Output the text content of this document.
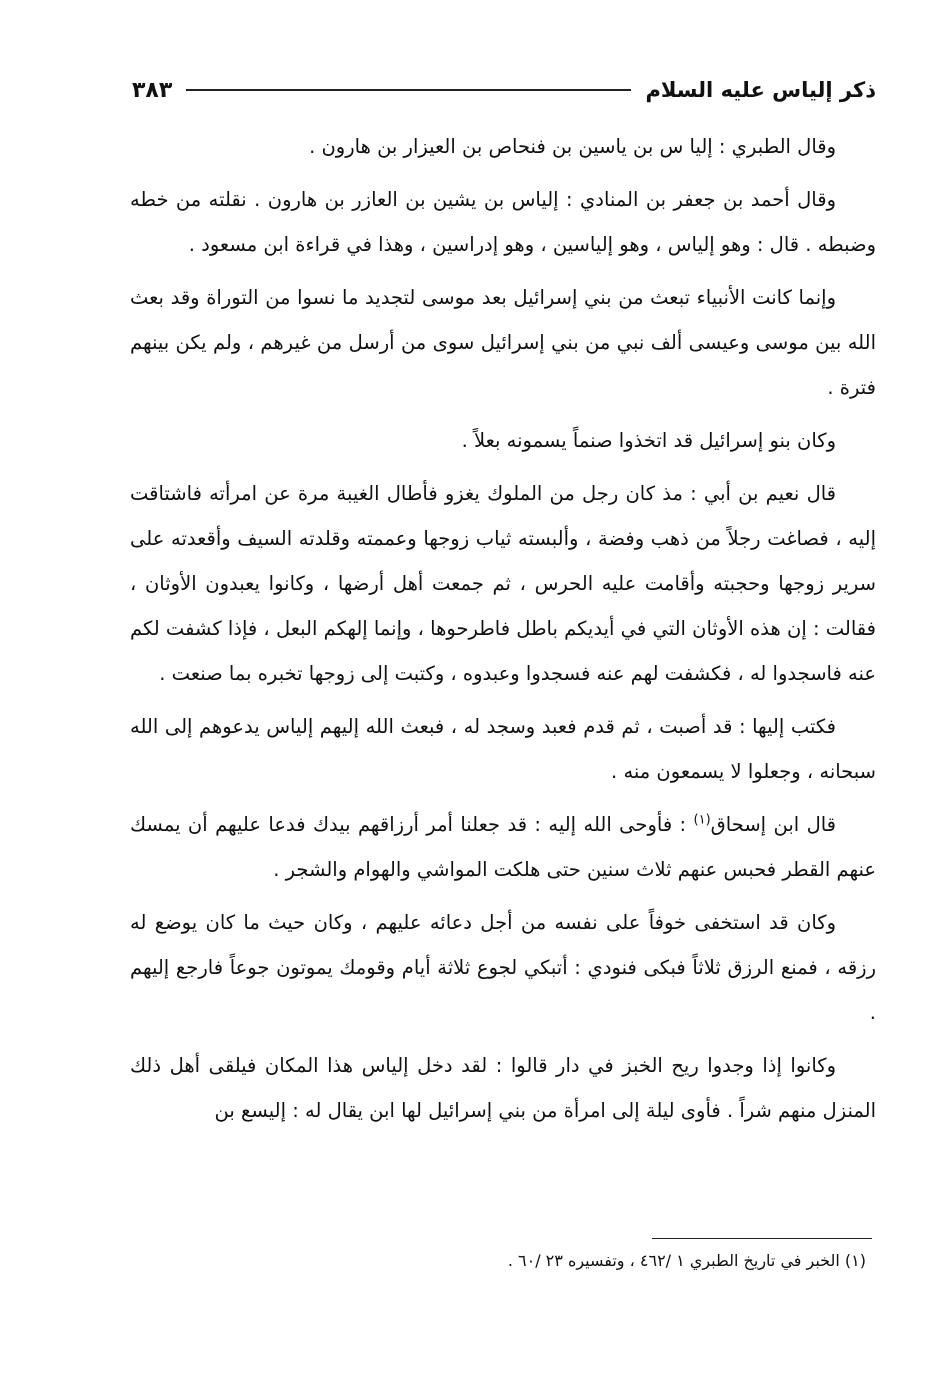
ذكر إلياس عليه السلام
٣٨٣

وقال الطبري : إليا س بن ياسين بن فنحاص بن العيزار بن هارون .

وقال أحمد بن جعفر بن المنادي : إلياس بن يشين بن العازر بن هارون . نقلته من خطه وضبطه . قال : وهو إلياس ، وهو إلياسين ، وهو إدراسين ، وهذا في قراءة ابن مسعود .

وإنما كانت الأنبياء تبعث من بني إسرائيل بعد موسى لتجديد ما نسوا من التوراة وقد بعث الله بين موسى وعيسى ألف نبي من بني إسرائيل سوى من أرسل من غيرهم ، ولم يكن بينهم فترة .

وكان بنو إسرائيل قد اتخذوا صنماً يسمونه بعلاً .

قال نعيم بن أبي : مذ كان رجل من الملوك يغزو فأطال الغيبة مرة عن امرأته فاشتاقت إليه ، فصاغت رجلاً من ذهب وفضة ، وألبسته ثياب زوجها وعممته وقلدته السيف وأقعدته على سرير زوجها وحجبته وأقامت عليه الحرس ، ثم جمعت أهل أرضها ، وكانوا يعبدون الأوثان ، فقالت : إن هذه الأوثان التي في أيديكم باطل فاطرحوها ، وإنما إلهكم البعل ، فإذا كشفت لكم عنه فاسجدوا له ، فكشفت لهم عنه فسجدوا وعبدوه ، وكتبت إلى زوجها تخبره بما صنعت .

فكتب إليها : قد أصبت ، ثم قدم فعبد وسجد له ، فبعث الله إليهم إلياس يدعوهم إلى الله سبحانه ، وجعلوا لا يسمعون منه .

قال ابن إسحاق$^{(١)}$ : فأوحى الله إليه : قد جعلنا أمر أرزاقهم بيدك فدعا عليهم أن يمسك عنهم القطر فحبس عنهم ثلاث سنين حتى هلكت المواشي والهوام والشجر .

وكان قد استخفى خوفاً على نفسه من أجل دعائه عليهم ، وكان حيث ما كان يوضع له رزقه ، فمنع الرزق ثلاثاً فبكى فنودي : أتبكي لجوع ثلاثة أيام وقومك يموتون جوعاً فارجع إليهم .

وكانوا إذا وجدوا ريح الخبز في دار قالوا : لقد دخل إلياس هذا المكان فيلقى أهل ذلك المنزل منهم شراً . فأوى ليلة إلى امرأة من بني إسرائيل لها ابن يقال له : إليسع بن

(١) الخبر في تاريخ الطبري ١ /٤٦٢ ، وتفسيره ٢٣ /٦٠ .
